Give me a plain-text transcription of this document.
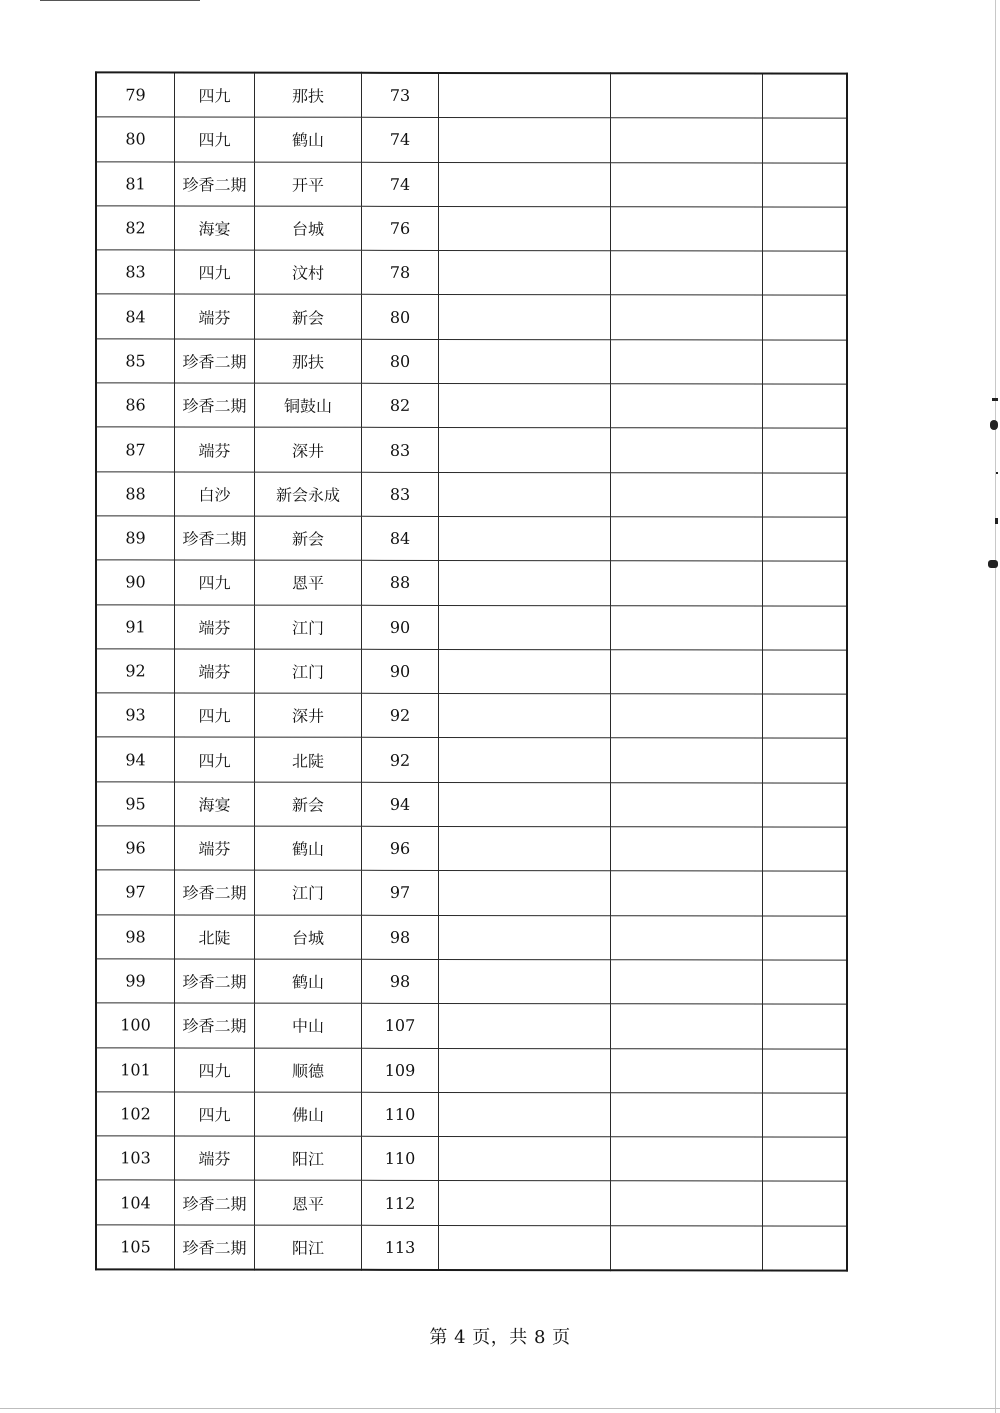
79	四九	那扶	73			
80	四九	鹤山	74			
81	珍香二期	开平	74			
82	海宴	台城	76			
83	四九	汶村	78			
84	端芬	新会	80			
85	珍香二期	那扶	80			
86	珍香二期	铜鼓山	82			
87	端芬	深井	83			
88	白沙	新会永成	83			
89	珍香二期	新会	84			
90	四九	恩平	88			
91	端芬	江门	90			
92	端芬	江门	90			
93	四九	深井	92			
94	四九	北陡	92			
95	海宴	新会	94			
96	端芬	鹤山	96			
97	珍香二期	江门	97			
98	北陡	台城	98			
99	珍香二期	鹤山	98			
100	珍香二期	中山	107			
101	四九	顺德	109			
102	四九	佛山	110			
103	端芬	阳江	110			
104	珍香二期	恩平	112			
105	珍香二期	阳江	113			
第 4 页，共 8 页
